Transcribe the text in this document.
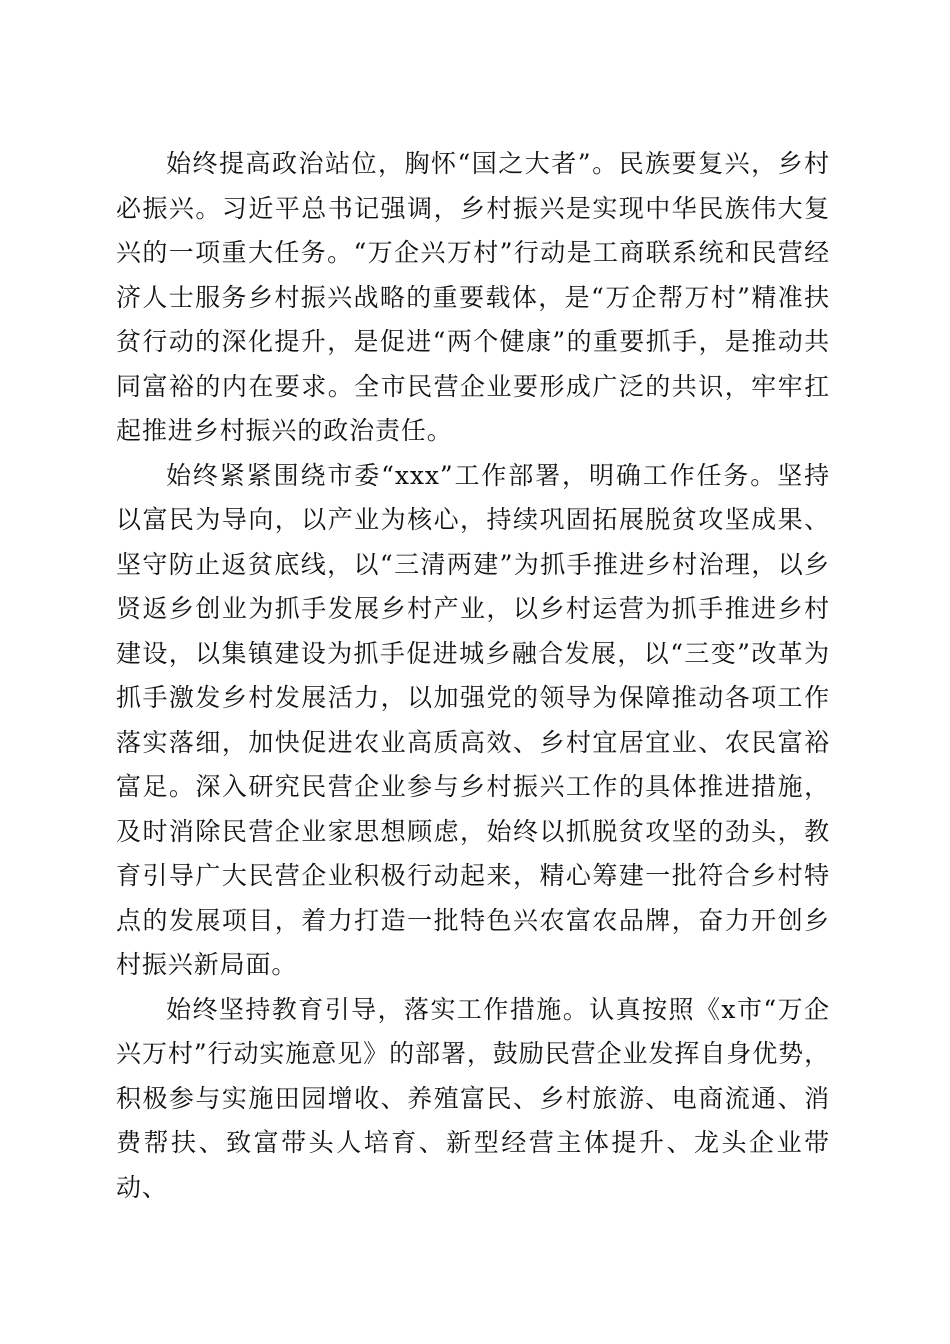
始终提高政治站位，胸怀“国之大者”。民族要复兴，乡村必振兴。习近平总书记强调，乡村振兴是实现中华民族伟大复兴的一项重大任务。“万企兴万村”行动是工商联系统和民营经济人士服务乡村振兴战略的重要载体，是“万企帮万村”精准扶贫行动的深化提升，是促进“两个健康”的重要抓手，是推动共同富裕的内在要求。全市民营企业要形成广泛的共识，牢牢扛起推进乡村振兴的政治责任。

始终紧紧围绕市委“xxx”工作部署，明确工作任务。坚持以富民为导向，以产业为核心，持续巩固拓展脱贫攻坚成果、坚守防止返贫底线，以“三清两建”为抓手推进乡村治理，以乡贤返乡创业为抓手发展乡村产业，以乡村运营为抓手推进乡村建设，以集镇建设为抓手促进城乡融合发展，以“三变”改革为抓手激发乡村发展活力，以加强党的领导为保障推动各项工作落实落细，加快促进农业高质高效、乡村宜居宜业、农民富裕富足。深入研究民营企业参与乡村振兴工作的具体推进措施，及时消除民营企业家思想顾虑，始终以抓脱贫攻坚的劲头，教育引导广大民营企业积极行动起来，精心筹建一批符合乡村特点的发展项目，着力打造一批特色兴农富农品牌，奋力开创乡村振兴新局面。

始终坚持教育引导，落实工作措施。认真按照《x市“万企兴万村”行动实施意见》的部署，鼓励民营企业发挥自身优势，积极参与实施田园增收、养殖富民、乡村旅游、电商流通、消费帮扶、致富带头人培育、新型经营主体提升、龙头企业带动、
